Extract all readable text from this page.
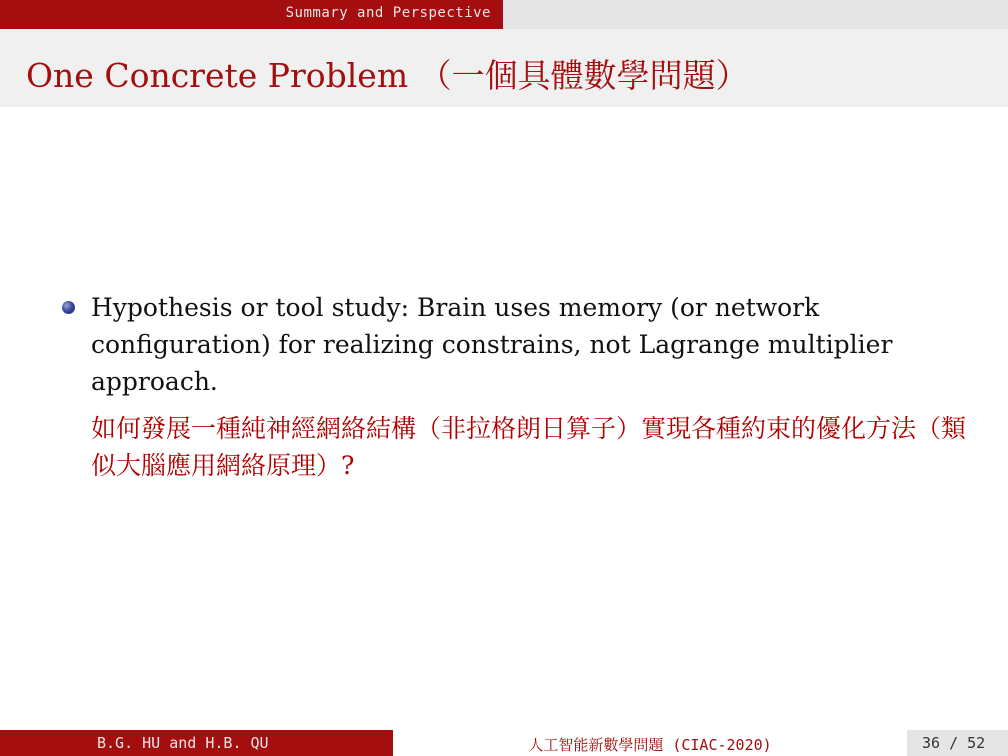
Summary and Perspective
One Concrete Problem （一個具體數學問題）
Hypothesis or tool study: Brain uses memory (or network configuration) for realizing constrains, not Lagrange multiplier approach.
如何發展一種純神經網絡結構（非拉格朗日算子）實現各種約束的優化方法（類似大腦應用網絡原理）?
B.G. HU and H.B. QU	人工智能新數學問題 (CIAC-2020)	36 / 52
